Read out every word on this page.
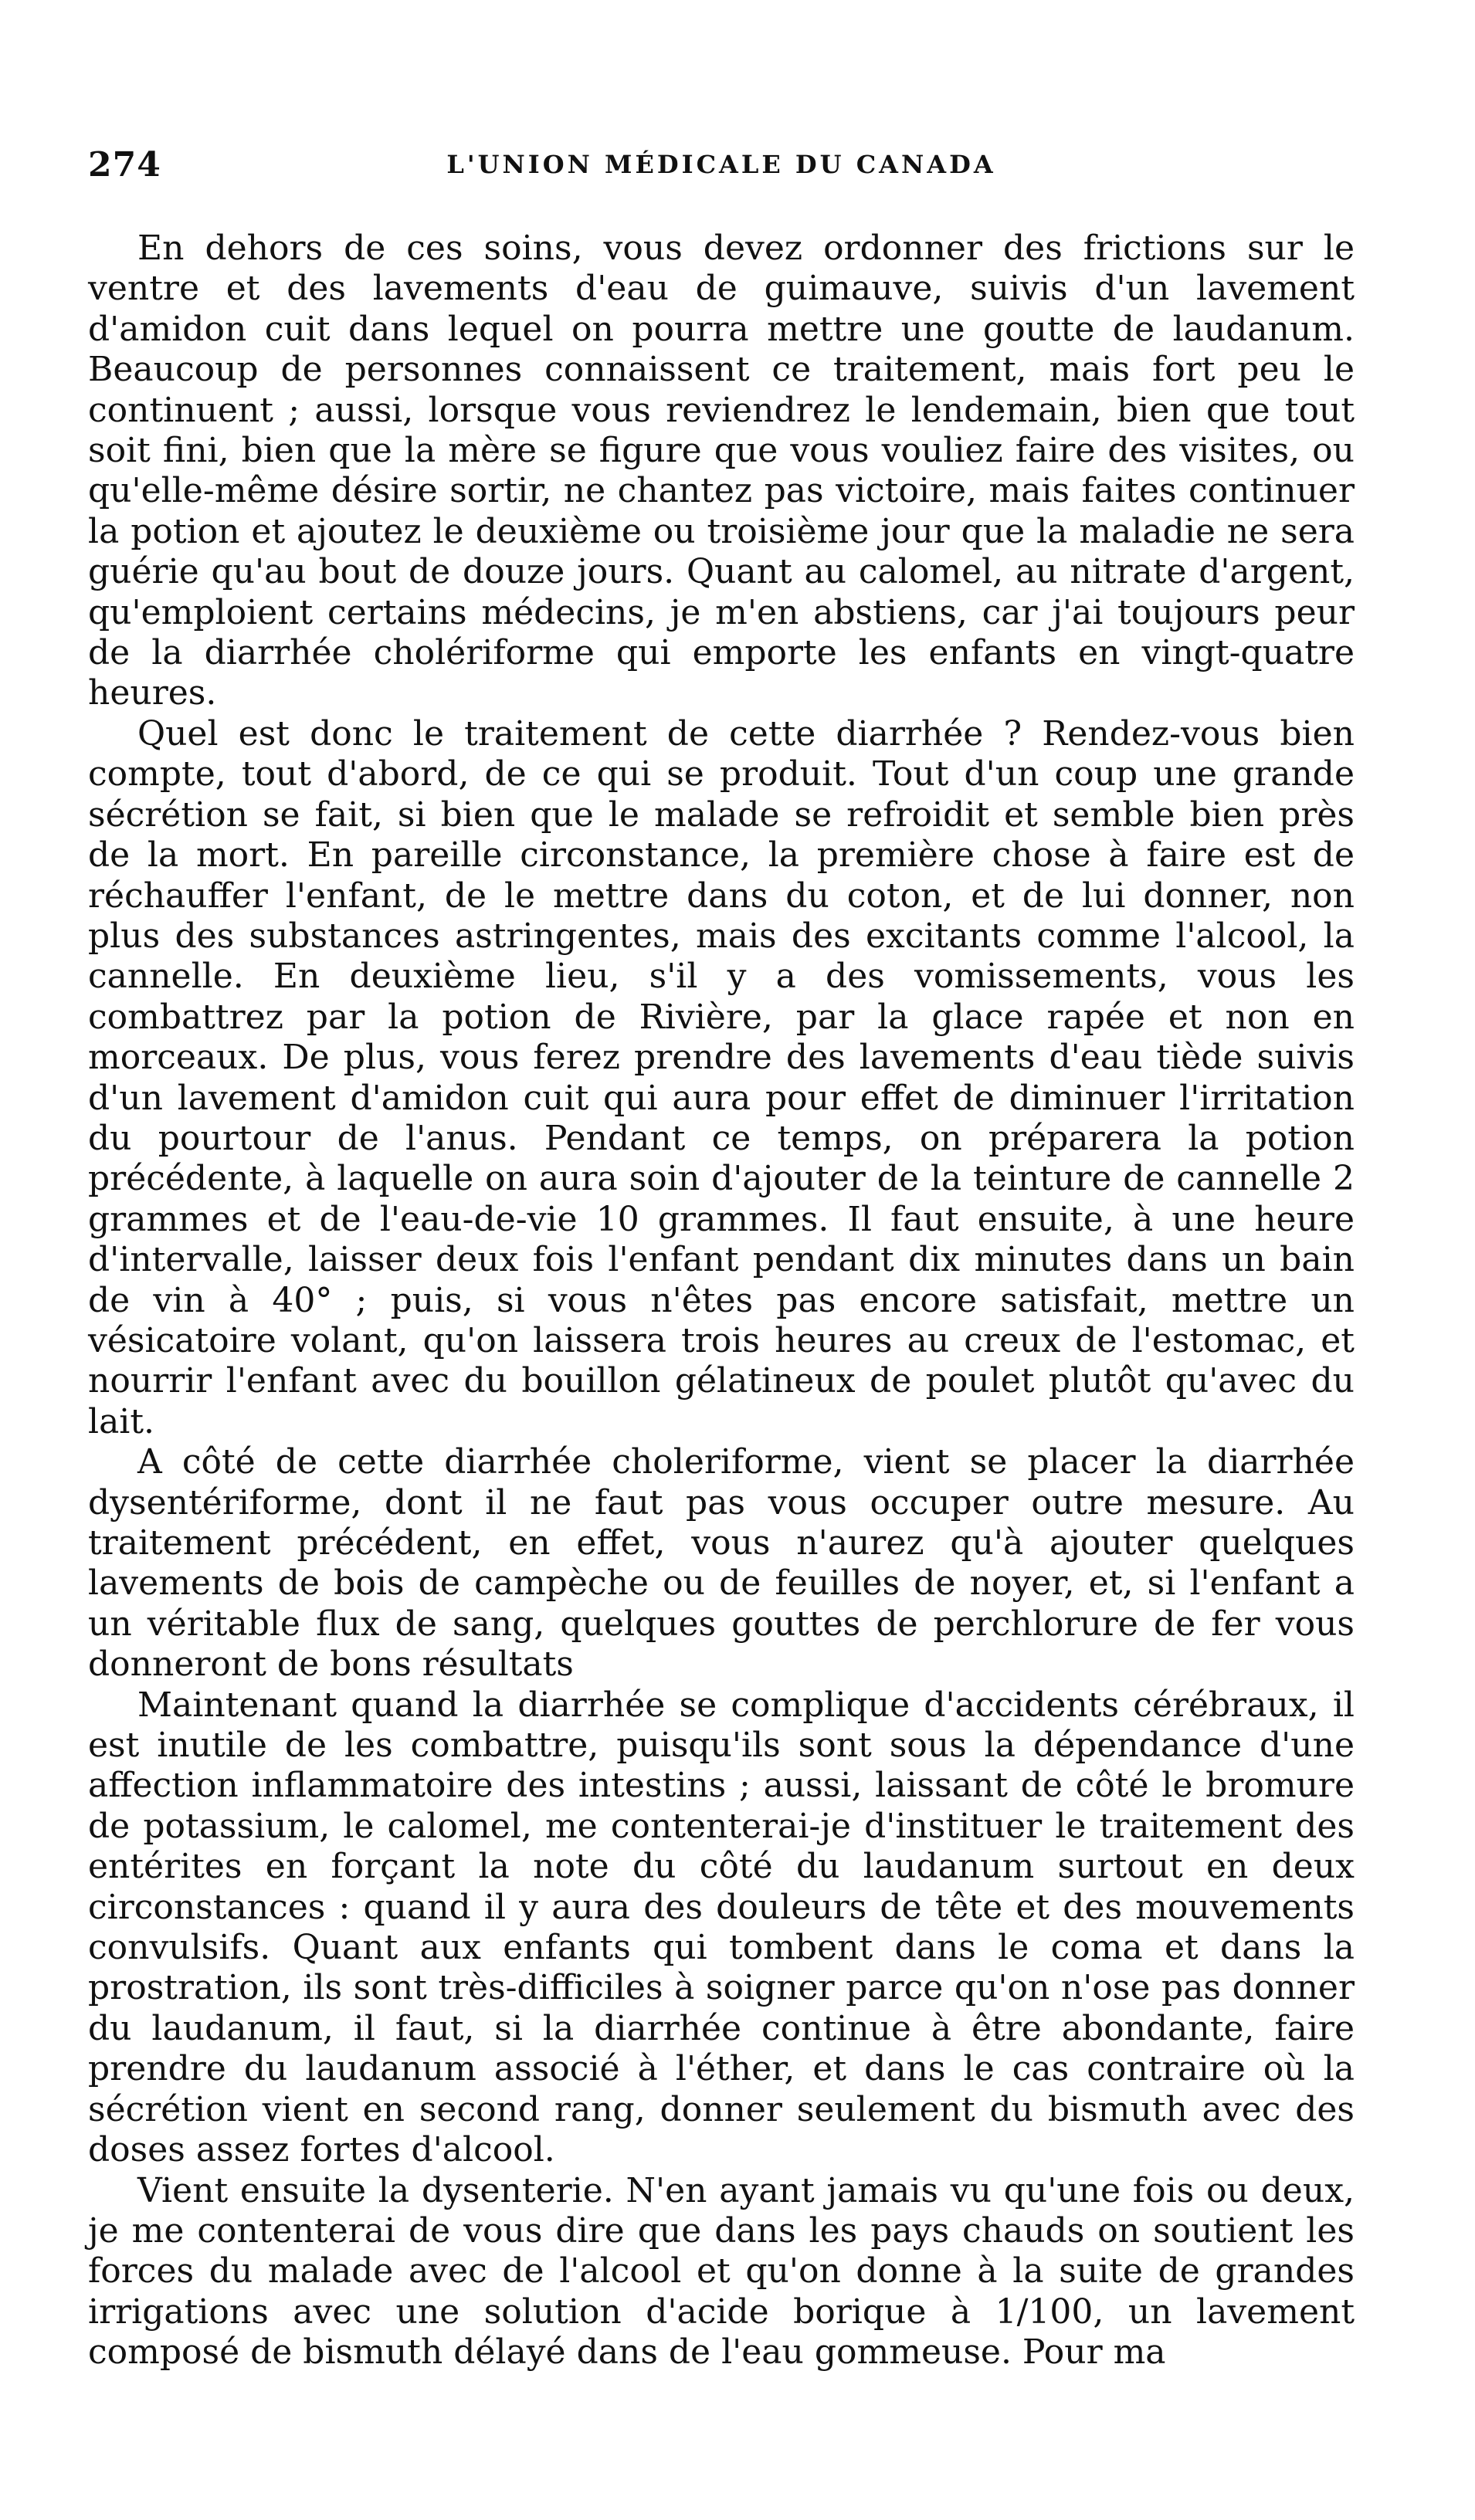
274	L'UNION MÉDICALE DU CANADA

En dehors de ces soins, vous devez ordonner des frictions sur le ventre et des lavements d'eau de guimauve, suivis d'un lavement d'amidon cuit dans lequel on pourra mettre une goutte de laudanum. Beaucoup de personnes connaissent ce traitement, mais fort peu le continuent ; aussi, lorsque vous reviendrez le lendemain, bien que tout soit fini, bien que la mère se figure que vous vouliez faire des visites, ou qu'elle-même désire sortir, ne chantez pas victoire, mais faites continuer la potion et ajoutez le deuxième ou troisième jour que la maladie ne sera guérie qu'au bout de douze jours. Quant au calomel, au nitrate d'argent, qu'emploient certains médecins, je m'en abstiens, car j'ai toujours peur de la diarrhée cholériforme qui emporte les enfants en vingt-quatre heures.

Quel est donc le traitement de cette diarrhée ? Rendez-vous bien compte, tout d'abord, de ce qui se produit. Tout d'un coup une grande sécrétion se fait, si bien que le malade se refroidit et semble bien près de la mort. En pareille circonstance, la première chose à faire est de réchauffer l'enfant, de le mettre dans du coton, et de lui donner, non plus des substances astringentes, mais des excitants comme l'alcool, la cannelle. En deuxième lieu, s'il y a des vomissements, vous les combattrez par la potion de Rivière, par la glace rapée et non en morceaux. De plus, vous ferez prendre des lavements d'eau tiède suivis d'un lavement d'amidon cuit qui aura pour effet de diminuer l'irritation du pourtour de l'anus. Pendant ce temps, on préparera la potion précédente, à laquelle on aura soin d'ajouter de la teinture de cannelle 2 grammes et de l'eau-de-vie 10 grammes. Il faut ensuite, à une heure d'intervalle, laisser deux fois l'enfant pendant dix minutes dans un bain de vin à 40° ; puis, si vous n'êtes pas encore satisfait, mettre un vésicatoire volant, qu'on laissera trois heures au creux de l'estomac, et nourrir l'enfant avec du bouillon gélatineux de poulet plutôt qu'avec du lait.

A côté de cette diarrhée choleriforme, vient se placer la diarrhée dysentériforme, dont il ne faut pas vous occuper outre mesure. Au traitement précédent, en effet, vous n'aurez qu'à ajouter quelques lavements de bois de campèche ou de feuilles de noyer, et, si l'enfant a un véritable flux de sang, quelques gouttes de perchlorure de fer vous donneront de bons résultats

Maintenant quand la diarrhée se complique d'accidents cérébraux, il est inutile de les combattre, puisqu'ils sont sous la dépendance d'une affection inflammatoire des intestins ; aussi, laissant de côté le bromure de potassium, le calomel, me contenterai-je d'instituer le traitement des entérites en forçant la note du côté du laudanum surtout en deux circonstances : quand il y aura des douleurs de tête et des mouvements convulsifs. Quant aux enfants qui tombent dans le coma et dans la prostration, ils sont très-difficiles à soigner parce qu'on n'ose pas donner du laudanum, il faut, si la diarrhée continue à être abondante, faire prendre du laudanum associé à l'éther, et dans le cas contraire où la sécrétion vient en second rang, donner seulement du bismuth avec des doses assez fortes d'alcool.

Vient ensuite la dysenterie. N'en ayant jamais vu qu'une fois ou deux, je me contenterai de vous dire que dans les pays chauds on soutient les forces du malade avec de l'alcool et qu'on donne à la suite de grandes irrigations avec une solution d'acide borique à 1/100, un lavement composé de bismuth délayé dans de l'eau gommeuse. Pour ma
